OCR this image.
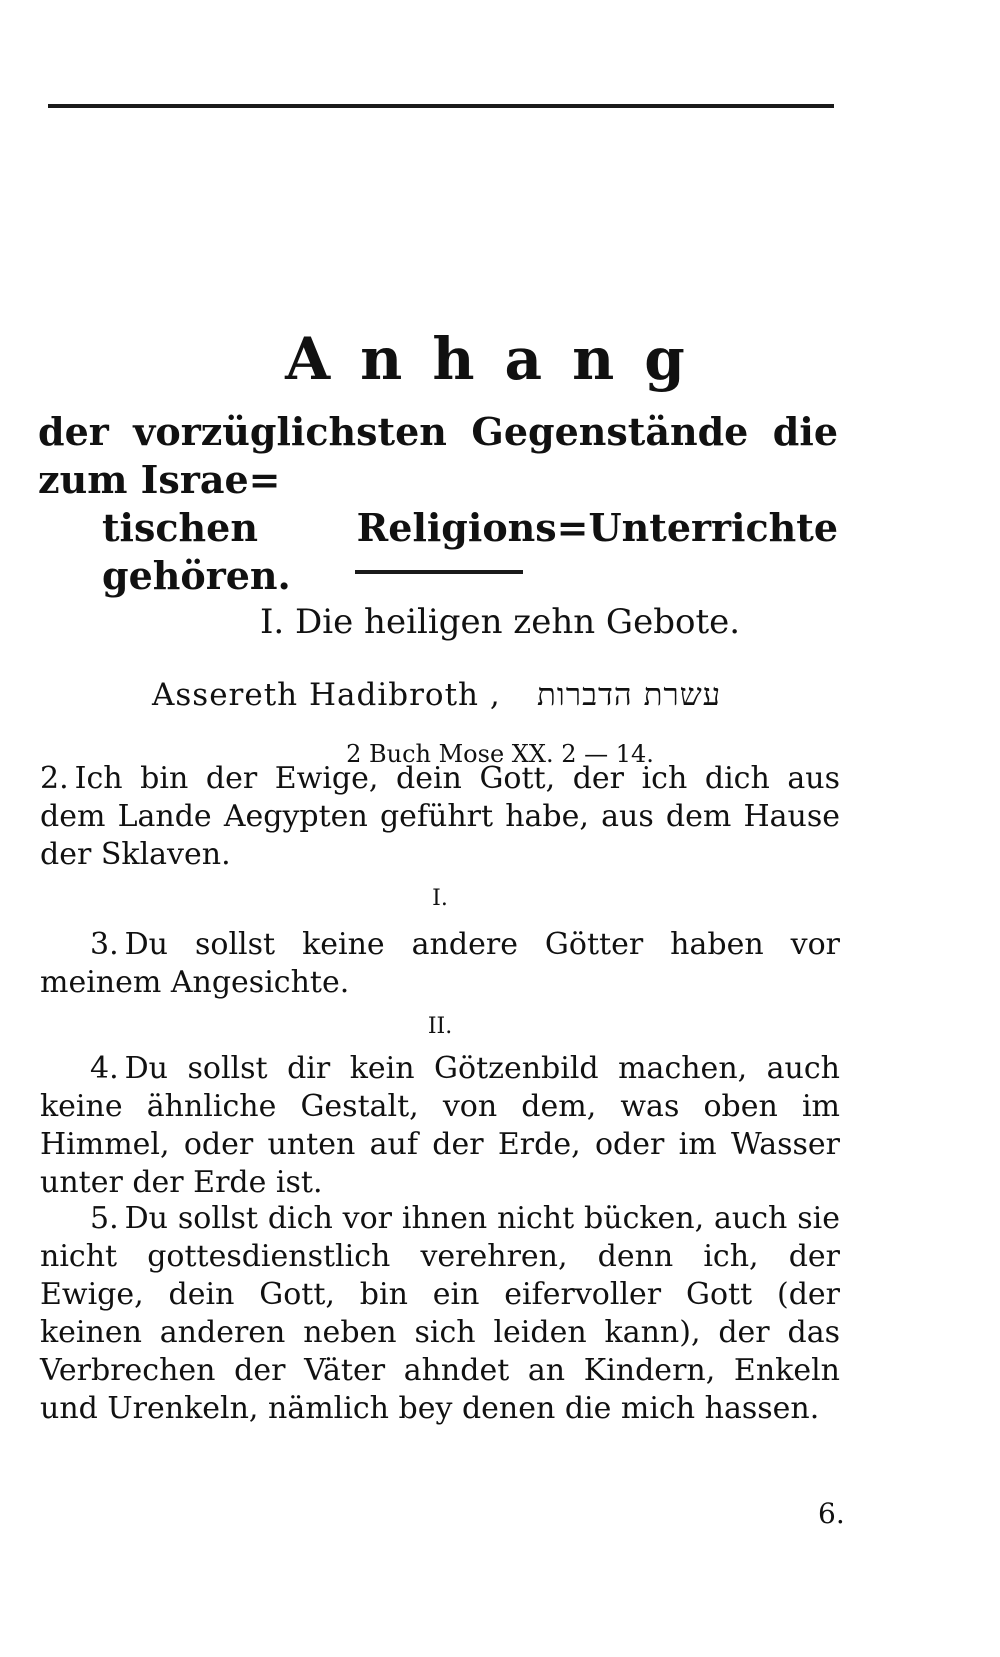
Anhang
der vorzüglichsten Gegenstände die zum Israe=
tischen Religions=Unterrichte gehören.
I. Die heiligen zehn Gebote.
Assereth Hadibroth , עשרת הדברות
2 Buch Mose XX. 2 — 14.
2. Ich bin der Ewige, dein Gott, der ich dich aus dem Lande Aegypten geführt habe, aus dem Hause der Sklaven.
I.
3. Du sollst keine andere Götter haben vor meinem Angesichte.
II.
4. Du sollst dir kein Götzenbild machen, auch keine ähnliche Gestalt, von dem, was oben im Himmel, oder unten auf der Erde, oder im Wasser unter der Erde ist.
5. Du sollst dich vor ihnen nicht bücken, auch sie nicht gottesdienstlich verehren, denn ich, der Ewige, dein Gott, bin ein eifervoller Gott (der keinen anderen neben sich leiden kann), der das Verbrechen der Väter ahndet an Kindern, Enkeln und Urenkeln, nämlich bey denen die mich hassen.
6.
